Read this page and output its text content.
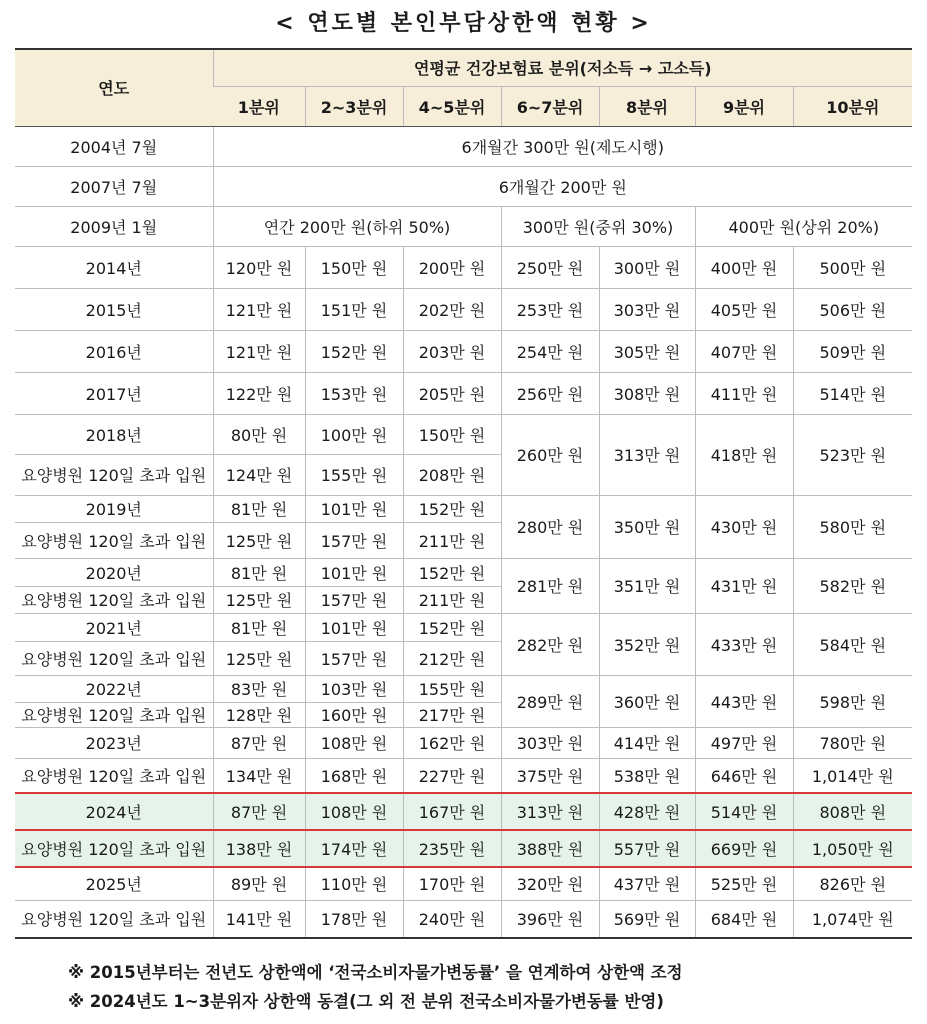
< 연도별 본인부담상한액 현황 >
연도	연평균 건강보험료 분위(저소득 → 고소득)						
	1분위	2~3분위	4~5분위	6~7분위	8분위	9분위	10분위
2004년 7월	6개월간 300만 원(제도시행)						
2007년 7월	6개월간 200만 원						
2009년 1월	연간 200만 원(하위 50%)			300만 원(중위 30%)		400만 원(상위 20%)	
2014년	120만 원	150만 원	200만 원	250만 원	300만 원	400만 원	500만 원
2015년	121만 원	151만 원	202만 원	253만 원	303만 원	405만 원	506만 원
2016년	121만 원	152만 원	203만 원	254만 원	305만 원	407만 원	509만 원
2017년	122만 원	153만 원	205만 원	256만 원	308만 원	411만 원	514만 원
2018년	80만 원	100만 원	150만 원	260만 원	313만 원	418만 원	523만 원
요양병원 120일 초과 입원	124만 원	155만 원	208만 원				
2019년	81만 원	101만 원	152만 원	280만 원	350만 원	430만 원	580만 원
요양병원 120일 초과 입원	125만 원	157만 원	211만 원				
2020년	81만 원	101만 원	152만 원	281만 원	351만 원	431만 원	582만 원
요양병원 120일 초과 입원	125만 원	157만 원	211만 원				
2021년	81만 원	101만 원	152만 원	282만 원	352만 원	433만 원	584만 원
요양병원 120일 초과 입원	125만 원	157만 원	212만 원				
2022년	83만 원	103만 원	155만 원	289만 원	360만 원	443만 원	598만 원
요양병원 120일 초과 입원	128만 원	160만 원	217만 원				
2023년	87만 원	108만 원	162만 원	303만 원	414만 원	497만 원	780만 원
요양병원 120일 초과 입원	134만 원	168만 원	227만 원	375만 원	538만 원	646만 원	1,014만 원
2024년	87만 원	108만 원	167만 원	313만 원	428만 원	514만 원	808만 원
요양병원 120일 초과 입원	138만 원	174만 원	235만 원	388만 원	557만 원	669만 원	1,050만 원
2025년	89만 원	110만 원	170만 원	320만 원	437만 원	525만 원	826만 원
요양병원 120일 초과 입원	141만 원	178만 원	240만 원	396만 원	569만 원	684만 원	1,074만 원
※ 2015년부터는 전년도 상한액에 ‘전국소비자물가변동률’ 을 연계하여 상한액 조정
※ 2024년도 1~3분위자 상한액 동결(그 외 전 분위 전국소비자물가변동률 반영)
